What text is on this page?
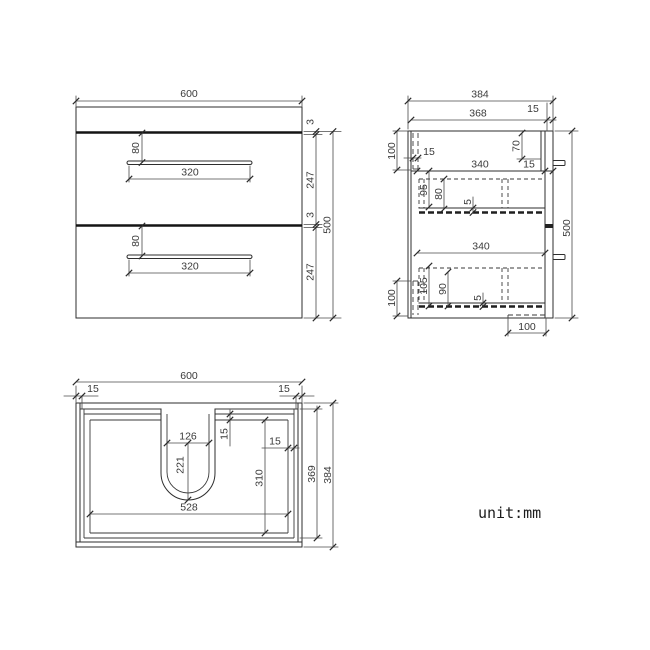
600
80
320
80
320
3
247
3
247
500
384
368	15
100 15	70
340	15
95 80
5
340
105 90
5
100
100
500
600
15	15
126
221
15
15
310
528
369 384
unit:mm
